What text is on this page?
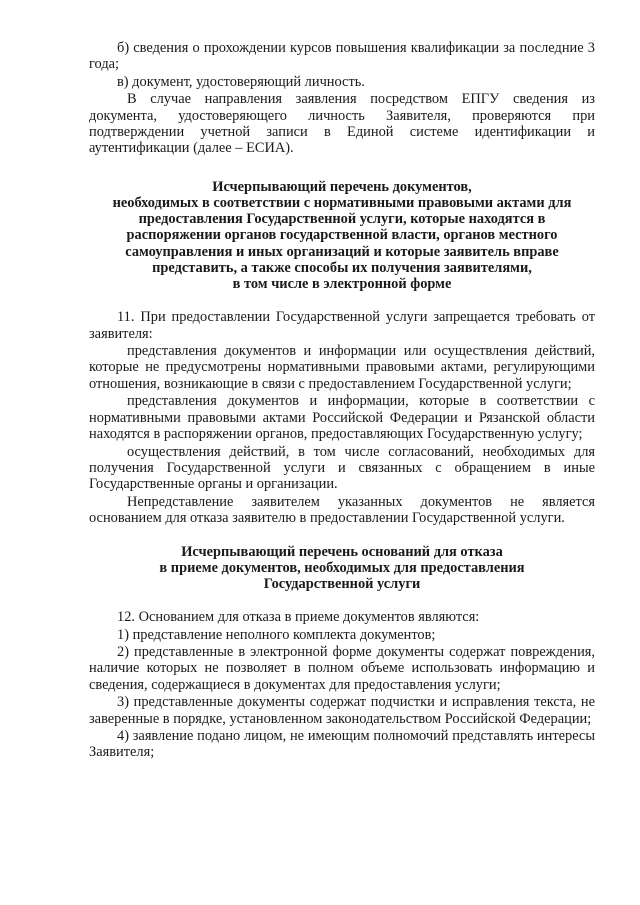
б) сведения о прохождении курсов повышения квалификации за последние 3 года;

в) документ, удостоверяющий личность.

В случае направления заявления посредством ЕПГУ сведения из документа, удостоверяющего личность Заявителя, проверяются при подтверждении учетной записи в Единой системе идентификации и аутентификации (далее – ЕСИА).

Исчерпывающий перечень документов,

необходимых в соответствии с нормативными правовыми актами для

предоставления Государственной услуги, которые находятся в

распоряжении органов государственной власти, органов местного

самоуправления и иных организаций и которые заявитель вправе

представить, а также способы их получения заявителями,

в том числе в электронной форме

11. При предоставлении Государственной услуги запрещается требовать от заявителя:

представления документов и информации или осуществления действий, которые не предусмотрены нормативными правовыми актами, регулирующими отношения, возникающие в связи с предоставлением Государственной услуги;

представления документов и информации, которые в соответствии с нормативными правовыми актами Российской Федерации и Рязанской области находятся в распоряжении органов, предоставляющих Государственную услугу;

осуществления действий, в том числе согласований, необходимых для получения Государственной услуги и связанных с обращением в иные Государственные органы и организации.

Непредставление заявителем указанных документов не является основанием для отказа заявителю в предоставлении Государственной услуги.

Исчерпывающий перечень оснований для отказа

в приеме документов, необходимых для предоставления

Государственной услуги

12. Основанием для отказа в приеме документов являются:

1) представление неполного комплекта документов;

2) представленные в электронной форме документы содержат повреждения, наличие которых не позволяет в полном объеме использовать информацию и сведения, содержащиеся в документах для предоставления услуги;

3) представленные документы содержат подчистки и исправления текста, не заверенные в порядке, установленном законодательством Российской Федерации;

4) заявление подано лицом, не имеющим полномочий представлять интересы Заявителя;
